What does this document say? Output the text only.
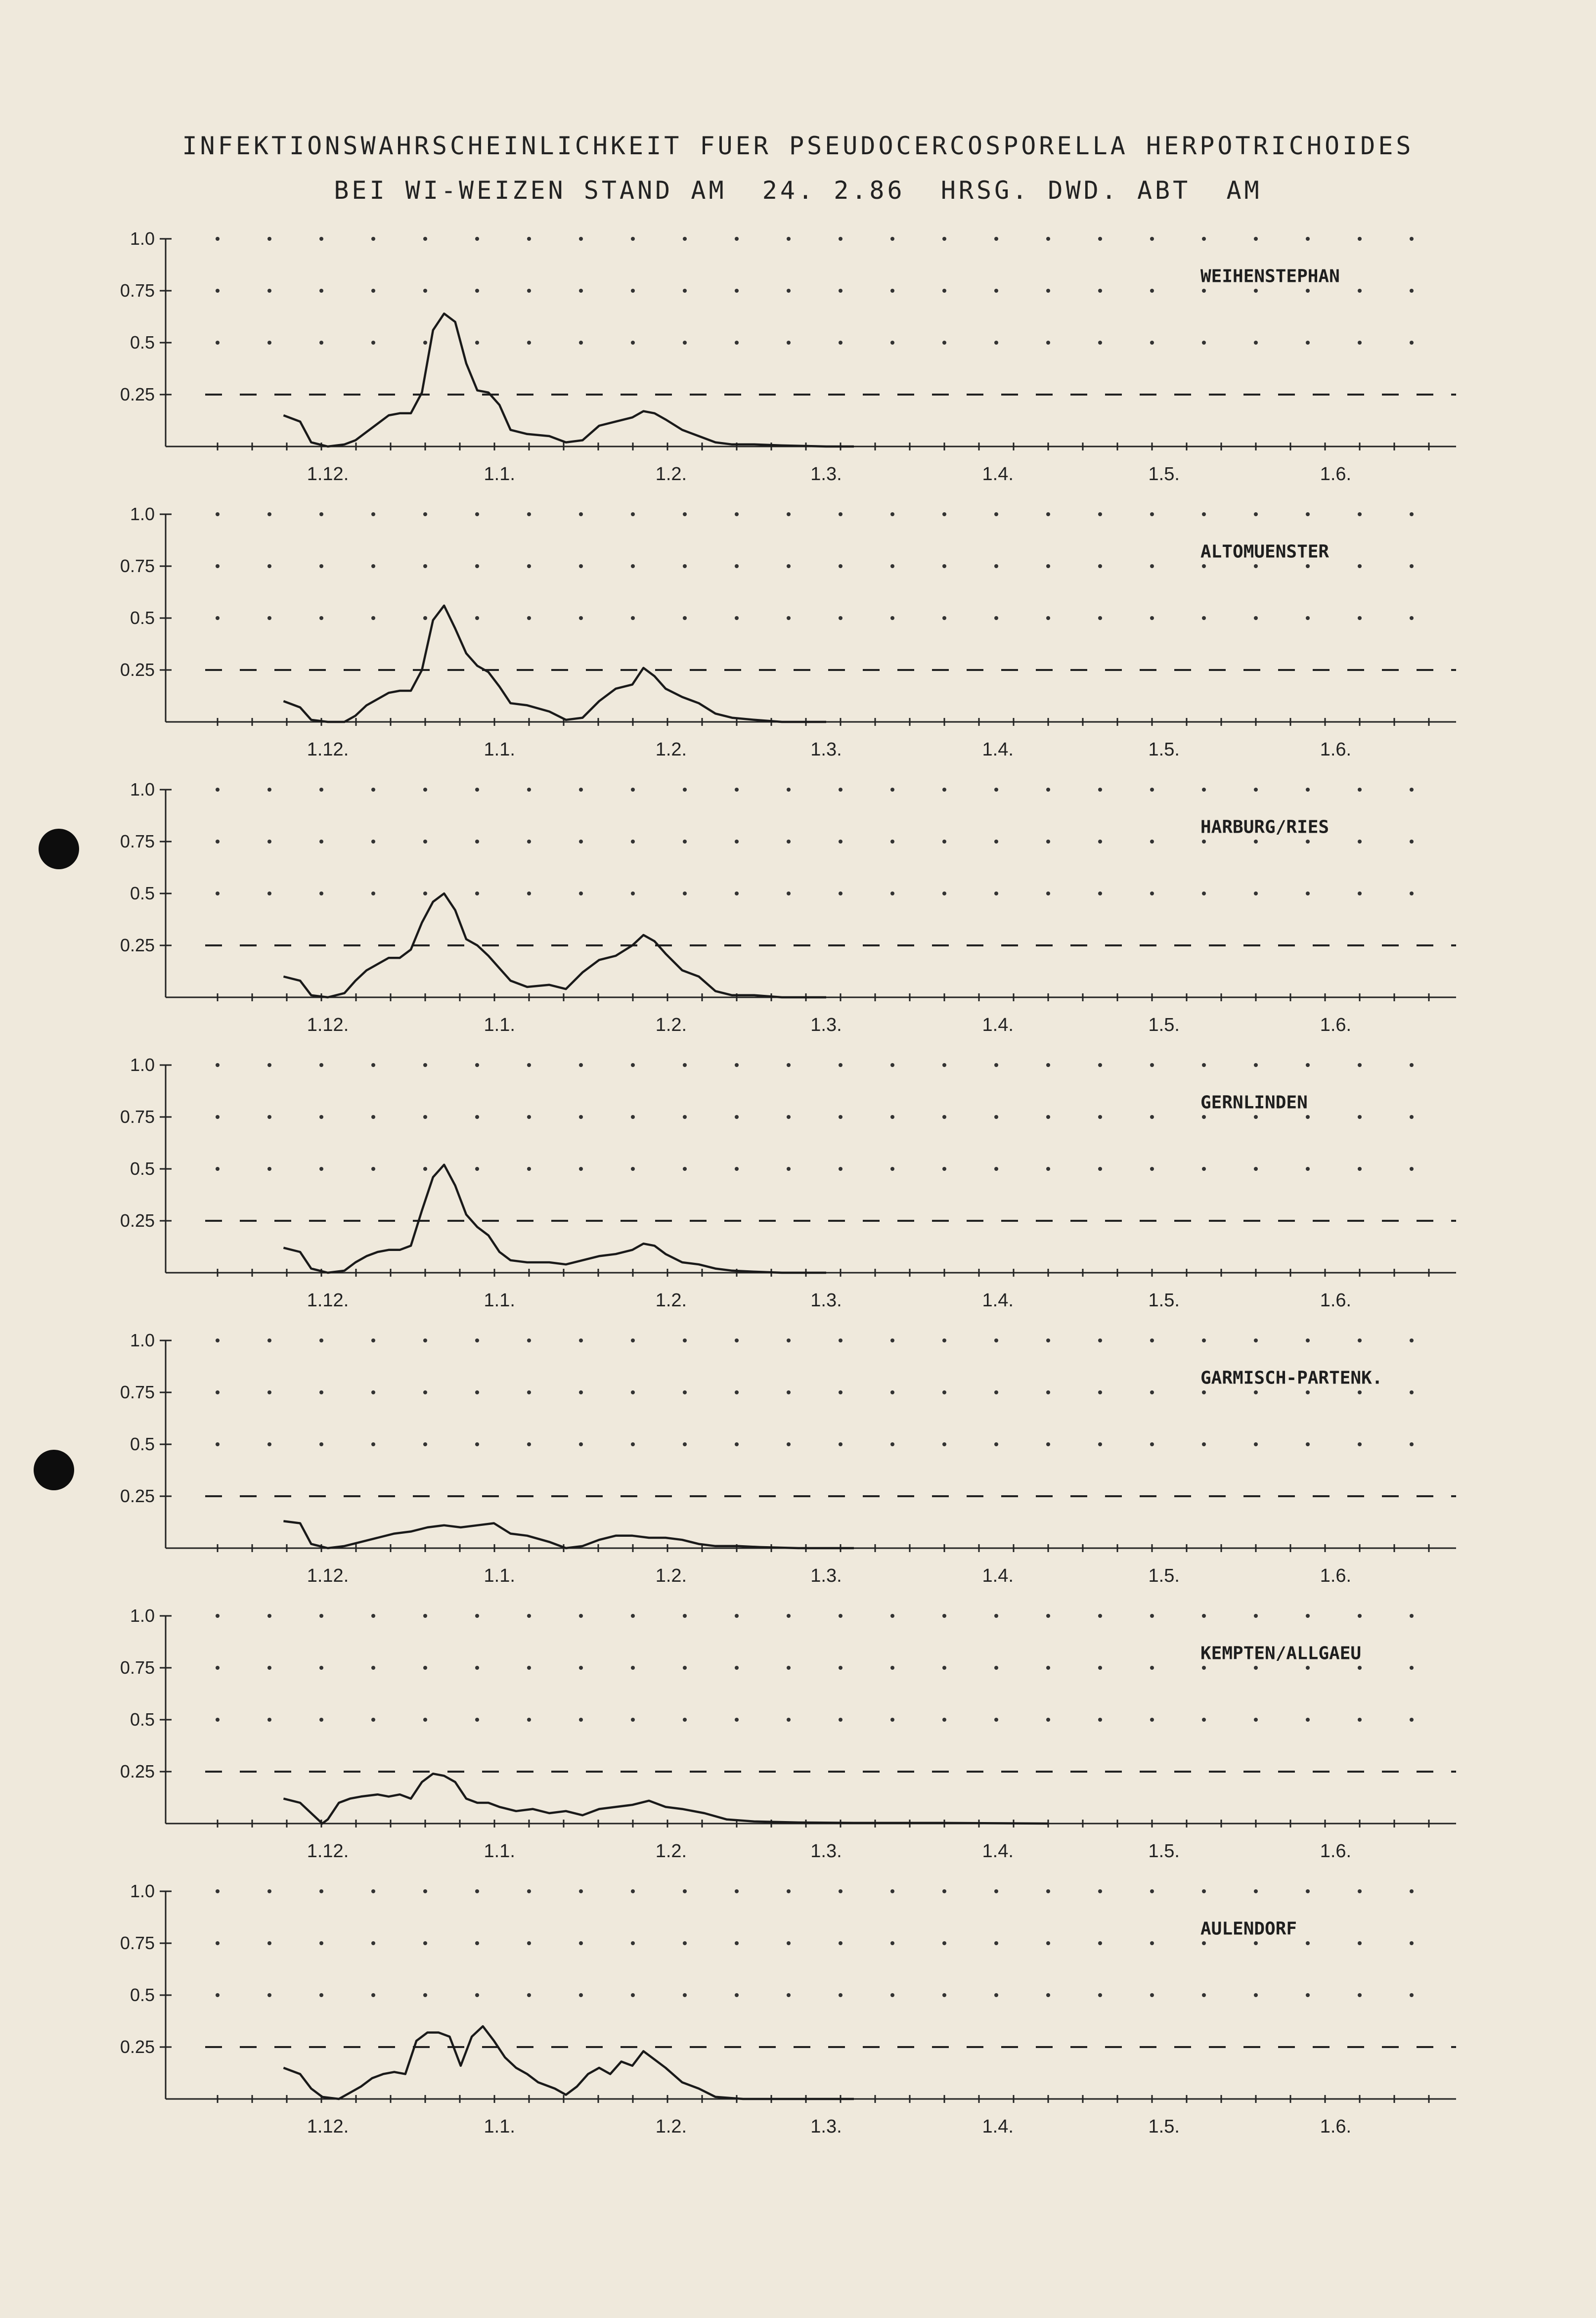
INFEKTIONSWAHRSCHEINLICHKEIT FUER PSEUDOCERCOSPORELLA HERPOTRICHOIDES
BEI WI-WEIZEN STAND AM  24. 2.86  HRSG. DWD. ABT  AM
1.0
0.75
0.5
0.25
1.12.	1.1.	1.2.	1.3.	1.4.	1.5.	1.6.
WEIHENSTEPHAN
1.0
0.75
0.5
0.25
1.12.	1.1.	1.2.	1.3.	1.4.	1.5.	1.6.
ALTOMUENSTER
1.0
0.75
0.5
0.25
1.12.	1.1.	1.2.	1.3.	1.4.	1.5.	1.6.
HARBURG/RIES
1.0
0.75
0.5
0.25
1.12.	1.1.	1.2.	1.3.	1.4.	1.5.	1.6.
GERNLINDEN
1.0
0.75
0.5
0.25
1.12.	1.1.	1.2.	1.3.	1.4.	1.5.	1.6.
GARMISCH-PARTENK.
1.0
0.75
0.5
0.25
1.12.	1.1.	1.2.	1.3.	1.4.	1.5.	1.6.
KEMPTEN/ALLGAEU
1.0
0.75
0.5
0.25
1.12.	1.1.	1.2.	1.3.	1.4.	1.5.	1.6.
AULENDORF
